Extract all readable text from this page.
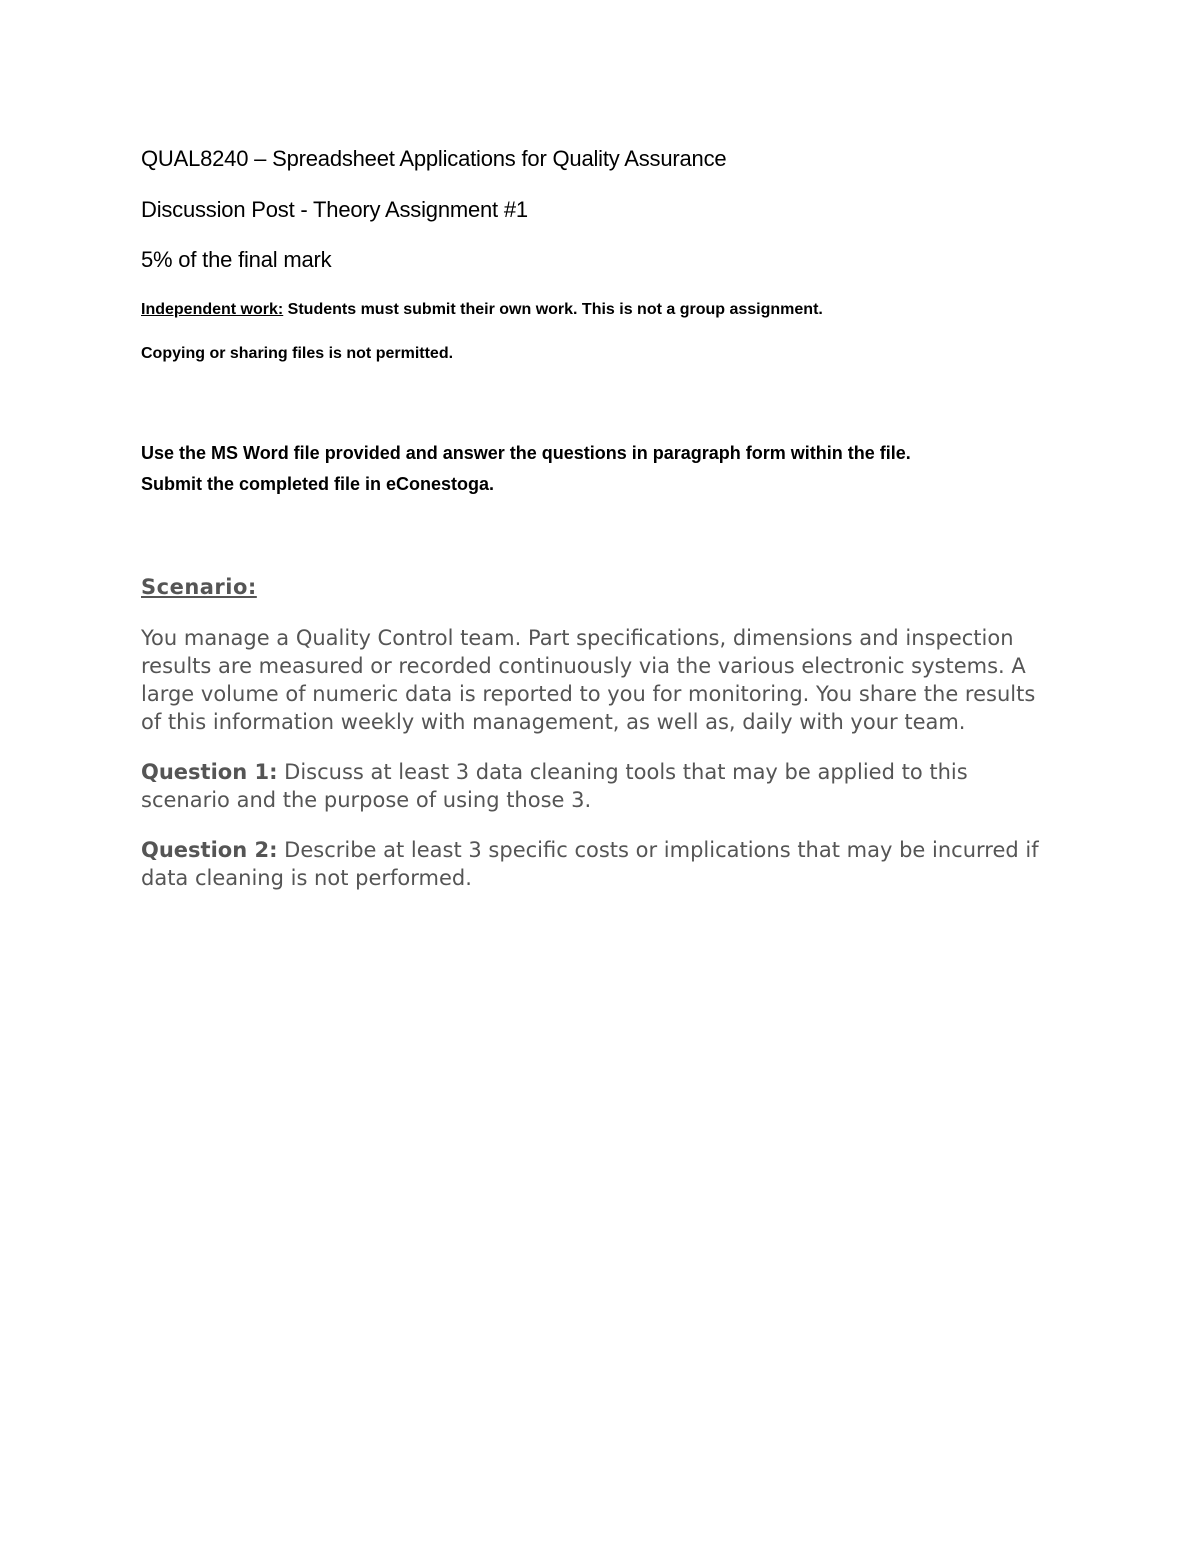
QUAL8240 – Spreadsheet Applications for Quality Assurance

Discussion Post - Theory Assignment #1

5% of the final mark

Independent work: Students must submit their own work. This is not a group assignment.

Copying or sharing files is not permitted.

Use the MS Word file provided and answer the questions in paragraph form within the file.

Submit the completed file in eConestoga.

Scenario:

You manage a Quality Control team. Part specifications, dimensions and inspection results are measured or recorded continuously via the various electronic systems. A large volume of numeric data is reported to you for monitoring. You share the results of this information weekly with management, as well as, daily with your team.

Question 1: Discuss at least 3 data cleaning tools that may be applied to this scenario and the purpose of using those 3.

Question 2: Describe at least 3 specific costs or implications that may be incurred if data cleaning is not performed.
